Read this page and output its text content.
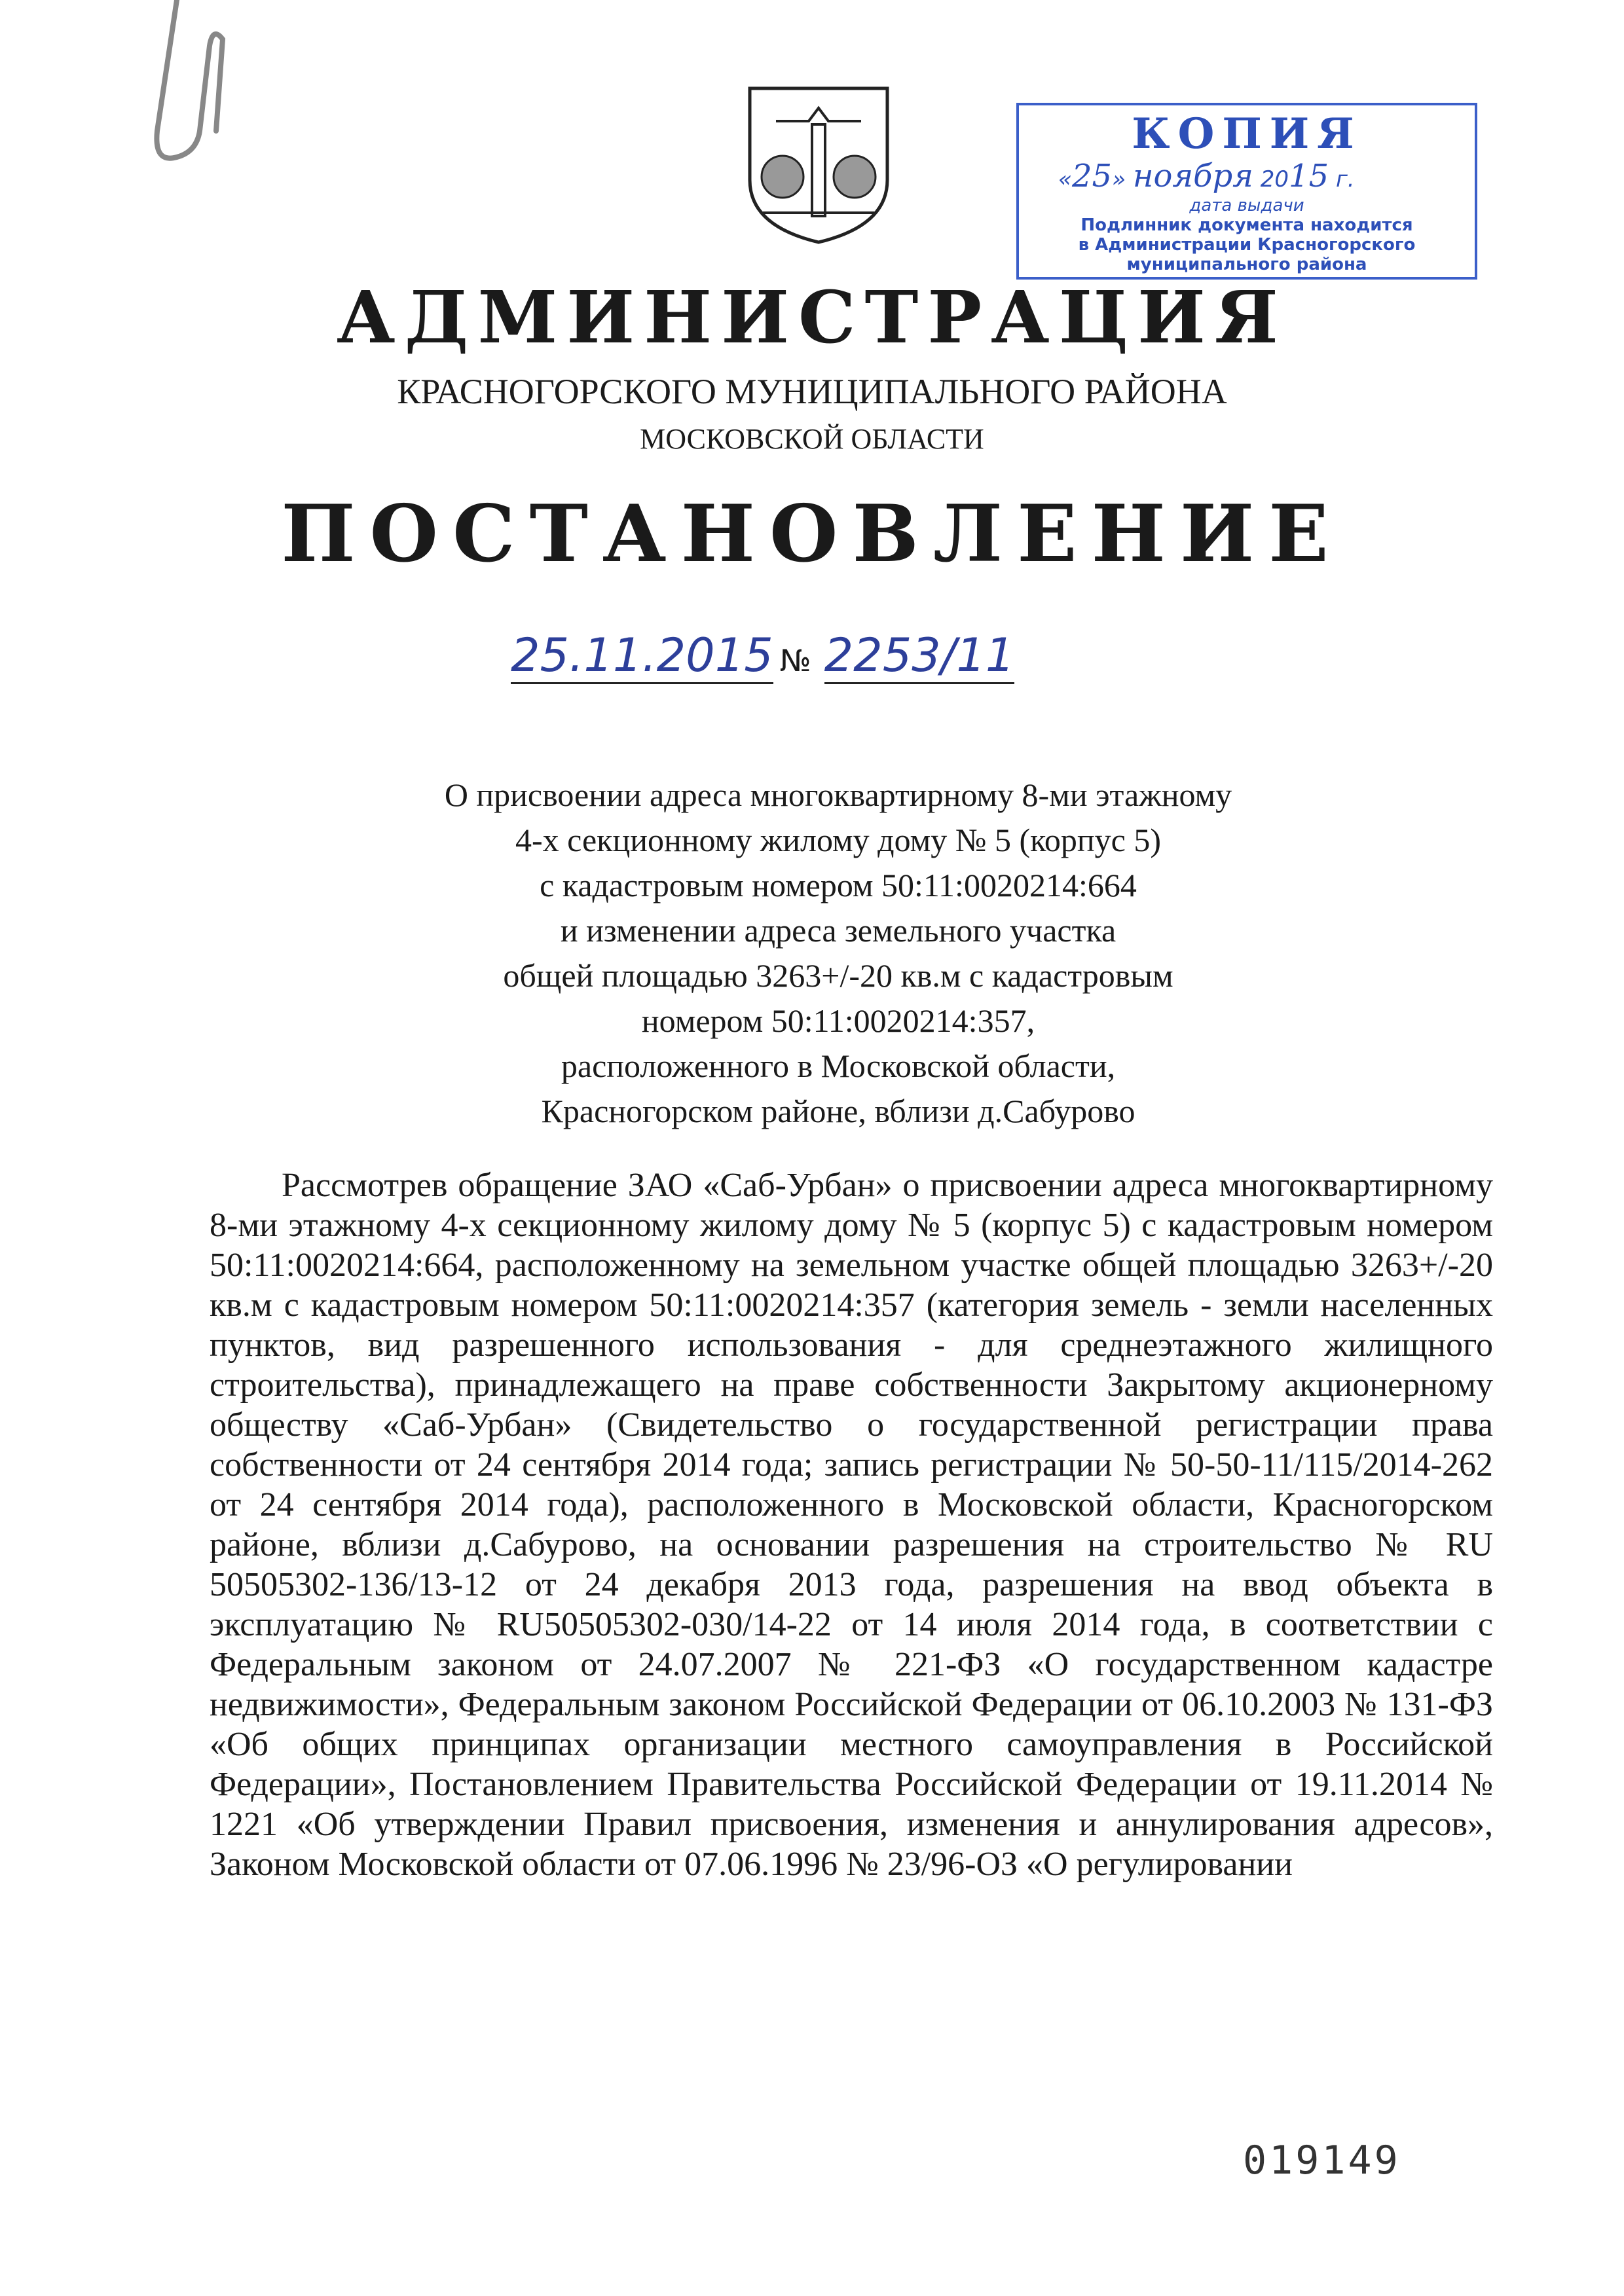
КОПИЯ
«25» ноября 2015 г.
дата выдачи
Подлинник документа находится
в Администрации Красногорского
муниципального района
АДМИНИСТРАЦИЯ
КРАСНОГОРСКОГО МУНИЦИПАЛЬНОГО РАЙОНА
МОСКОВСКОЙ ОБЛАСТИ
ПОСТАНОВЛЕНИЕ
25.11.2015 № 2253/11
О присвоении адреса многоквартирному 8-ми этажному
4-х секционному жилому дому № 5 (корпус 5)
с кадастровым номером 50:11:0020214:664
и изменении адреса земельного участка
общей площадью 3263+/-20 кв.м с кадастровым
номером 50:11:0020214:357,
расположенного в Московской области,
Красногорском районе, вблизи д.Сабурово
Рассмотрев обращение ЗАО «Саб-Урбан» о присвоении адреса многоквартирному 8-ми этажному 4-х секционному жилому дому № 5 (корпус 5) с кадастровым номером 50:11:0020214:664, расположенному на земельном участке общей площадью 3263+/-20 кв.м с кадастровым номером 50:11:0020214:357 (категория земель - земли населенных пунктов, вид разрешенного использования - для среднеэтажного жилищного строительства), принадлежащего на праве собственности Закрытому акционерному обществу «Саб-Урбан» (Свидетельство о государственной регистрации права собственности от 24 сентября 2014 года; запись регистрации № 50-50-11/115/2014-262 от 24 сентября 2014 года), расположенного в Московской области, Красногорском районе, вблизи д.Сабурово, на основании разрешения на строительство № RU 50505302-136/13-12 от 24 декабря 2013 года, разрешения на ввод объекта в эксплуатацию № RU50505302-030/14-22 от 14 июля 2014 года, в соответствии с Федеральным законом от 24.07.2007 № 221-ФЗ «О государственном кадастре недвижимости», Федеральным законом Российской Федерации от 06.10.2003 № 131-ФЗ «Об общих принципах организации местного самоуправления в Российской Федерации», Постановлением Правительства Российской Федерации от 19.11.2014 № 1221 «Об утверждении Правил присвоения, изменения и аннулирования адресов», Законом Московской области от 07.06.1996 № 23/96-ОЗ «О регулировании
019149
